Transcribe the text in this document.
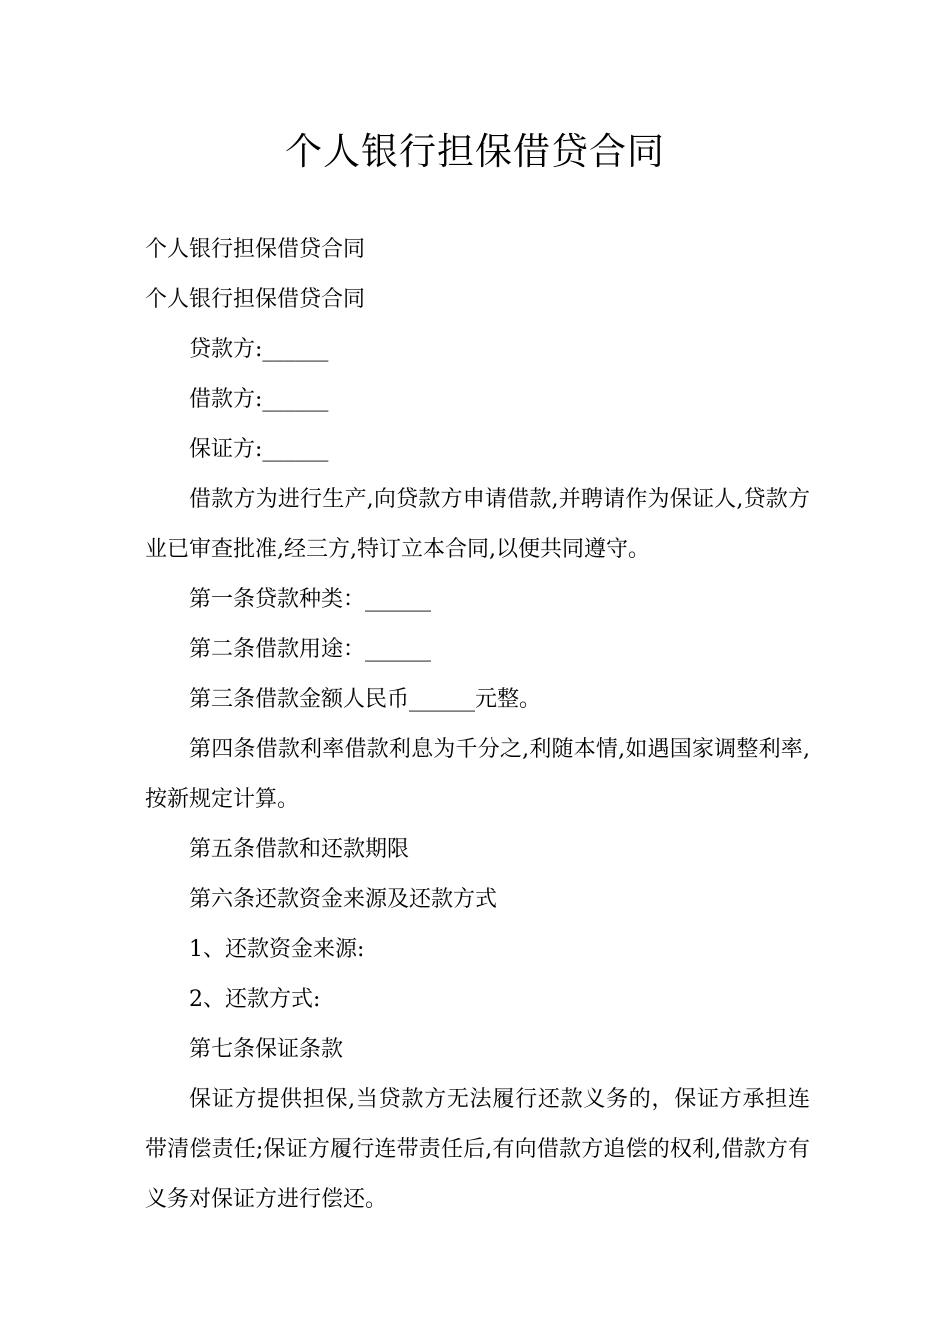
个人银行担保借贷合同

个人银行担保借贷合同

个人银行担保借贷合同

贷款方:______

借款方:______

保证方:______

借款方为进行生产,向贷款方申请借款,并聘请作为保证人,贷款方业已审查批准,经三方,特订立本合同,以便共同遵守。

第一条贷款种类：______

第二条借款用途：______

第三条借款金额人民币______元整。

第四条借款利率借款利息为千分之,利随本情,如遇国家调整利率,按新规定计算。

第五条借款和还款期限

第六条还款资金来源及还款方式

1、还款资金来源:

2、还款方式:

第七条保证条款

保证方提供担保,当贷款方无法履行还款义务的，保证方承担连带清偿责任;保证方履行连带责任后,有向借款方追偿的权利,借款方有义务对保证方进行偿还。
